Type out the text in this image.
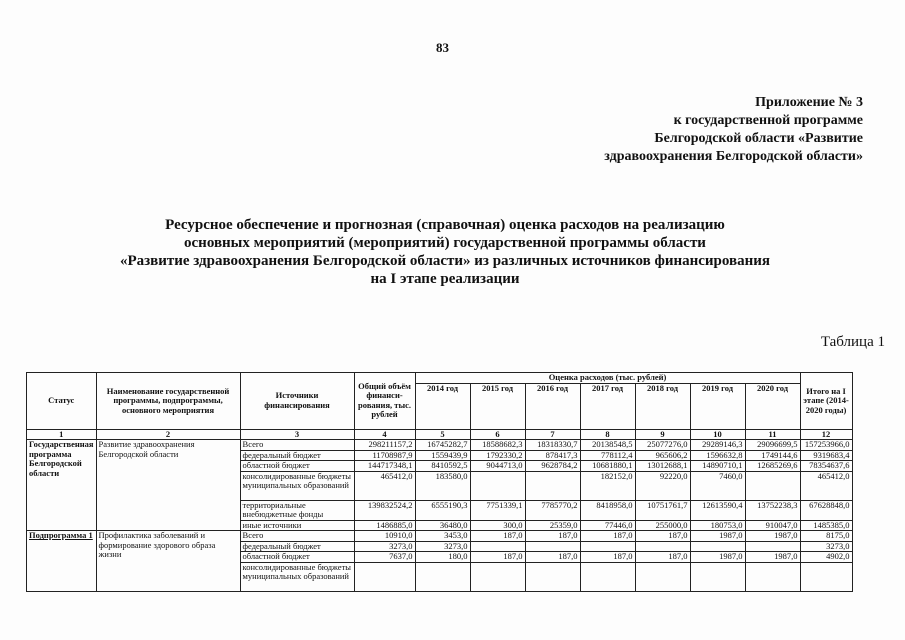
83
Приложение № 3
к государственной программе
Белгородской области «Развитие
здравоохранения Белгородской области»
Ресурсное обеспечение и прогнозная (справочная) оценка расходов на реализацию
основных мероприятий (мероприятий) государственной программы области
«Развитие здравоохранения Белгородской области» из различных источников финансирования
на I этапе реализации
Таблица 1
Статус	Наименование государственной программы, подпрограммы, основного мероприятия	Источники финансирования	Общий объём финанси-рования, тыс. рублей	Оценка расходов (тыс. рублей)							Итого на I этапе (2014-2020 годы)
				2014 год	2015 год	2016 год	2017 год	2018 год	2019 год	2020 год	
1	2	3	4	5	6	7	8	9	10	11	12
Государственная программа Белгородской области	Развитие здравоохранения Белгородской области	Всего	298211157,2	16745282,7	18588682,3	18318330,7	20138548,5	25077276,0	29289146,3	29096699,5	157253966,0
		федеральный бюджет	11708987,9	1559439,9	1792330,2	878417,3	778112,4	965606,2	1596632,8	1749144,6	9319683,4
		областной бюджет	144717348,1	8410592,5	9044713,0	9628784,2	10681880,1	13012688,1	14890710,1	12685269,6	78354637,6
		консолидированные бюджеты муниципальных образований	465412,0	183580,0			182152,0	92220,0	7460,0		465412,0
		территориальные внебюджетные фонды	139832524,2	6555190,3	7751339,1	7785770,2	8418958,0	10751761,7	12613590,4	13752238,3	67628848,0
		иные источники	1486885,0	36480,0	300,0	25359,0	77446,0	255000,0	180753,0	910047,0	1485385,0
Подпрограмма 1	Профилактика заболеваний и формирование здорового образа жизни	Всего	10910,0	3453,0	187,0	187,0	187,0	187,0	1987,0	1987,0	8175,0
		федеральный бюджет	3273,0	3273,0							3273,0
		областной бюджет	7637,0	180,0	187,0	187,0	187,0	187,0	1987,0	1987,0	4902,0
		консолидированные бюджеты муниципальных образований									
